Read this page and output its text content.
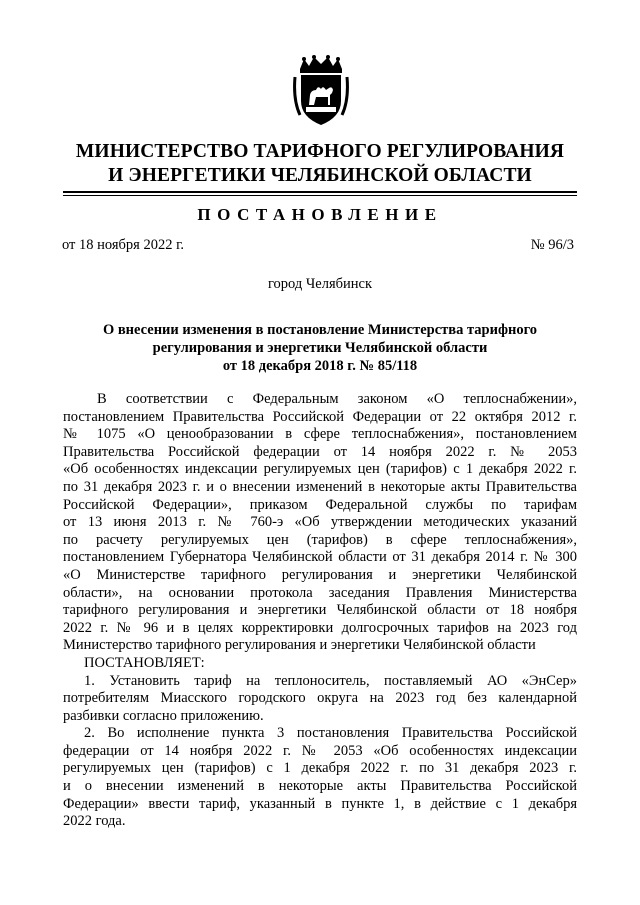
МИНИСТЕРСТВО ТАРИФНОГО РЕГУЛИРОВАНИЯ
И ЭНЕРГЕТИКИ ЧЕЛЯБИНСКОЙ ОБЛАСТИ
ПОСТАНОВЛЕНИЕ
от 18 ноября 2022 г.	№ 96/3
город Челябинск
О внесении изменения в постановление Министерства тарифного
регулирования и энергетики Челябинской области
от 18 декабря 2018 г. № 85/118
В соответствии с Федеральным законом «О теплоснабжении»,
постановлением Правительства Российской Федерации от 22 октября 2012 г.
№ 1075 «О ценообразовании в сфере теплоснабжения», постановлением
Правительства Российской федерации от 14 ноября 2022 г. № 2053
«Об особенностях индексации регулируемых цен (тарифов) с 1 декабря 2022 г.
по 31 декабря 2023 г. и о внесении изменений в некоторые акты Правительства
Российской Федерации», приказом Федеральной службы по тарифам
от 13 июня 2013 г. № 760-э «Об утверждении методических указаний
по расчету регулируемых цен (тарифов) в сфере теплоснабжения»,
постановлением Губернатора Челябинской области от 31 декабря 2014 г. № 300
«О Министерстве тарифного регулирования и энергетики Челябинской
области», на основании протокола заседания Правления Министерства
тарифного регулирования и энергетики Челябинской области от 18 ноября
2022 г. № 96 и в целях корректировки долгосрочных тарифов на 2023 год
Министерство тарифного регулирования и энергетики Челябинской области
ПОСТАНОВЛЯЕТ:
1. Установить тариф на теплоноситель, поставляемый АО «ЭнСер»
потребителям Миасского городского округа на 2023 год без календарной
разбивки согласно приложению.
2. Во исполнение пункта 3 постановления Правительства Российской
федерации от 14 ноября 2022 г. № 2053 «Об особенностях индексации
регулируемых цен (тарифов) с 1 декабря 2022 г. по 31 декабря 2023 г.
и о внесении изменений в некоторые акты Правительства Российской
Федерации» ввести тариф, указанный в пункте 1, в действие с 1 декабря
2022 года.
